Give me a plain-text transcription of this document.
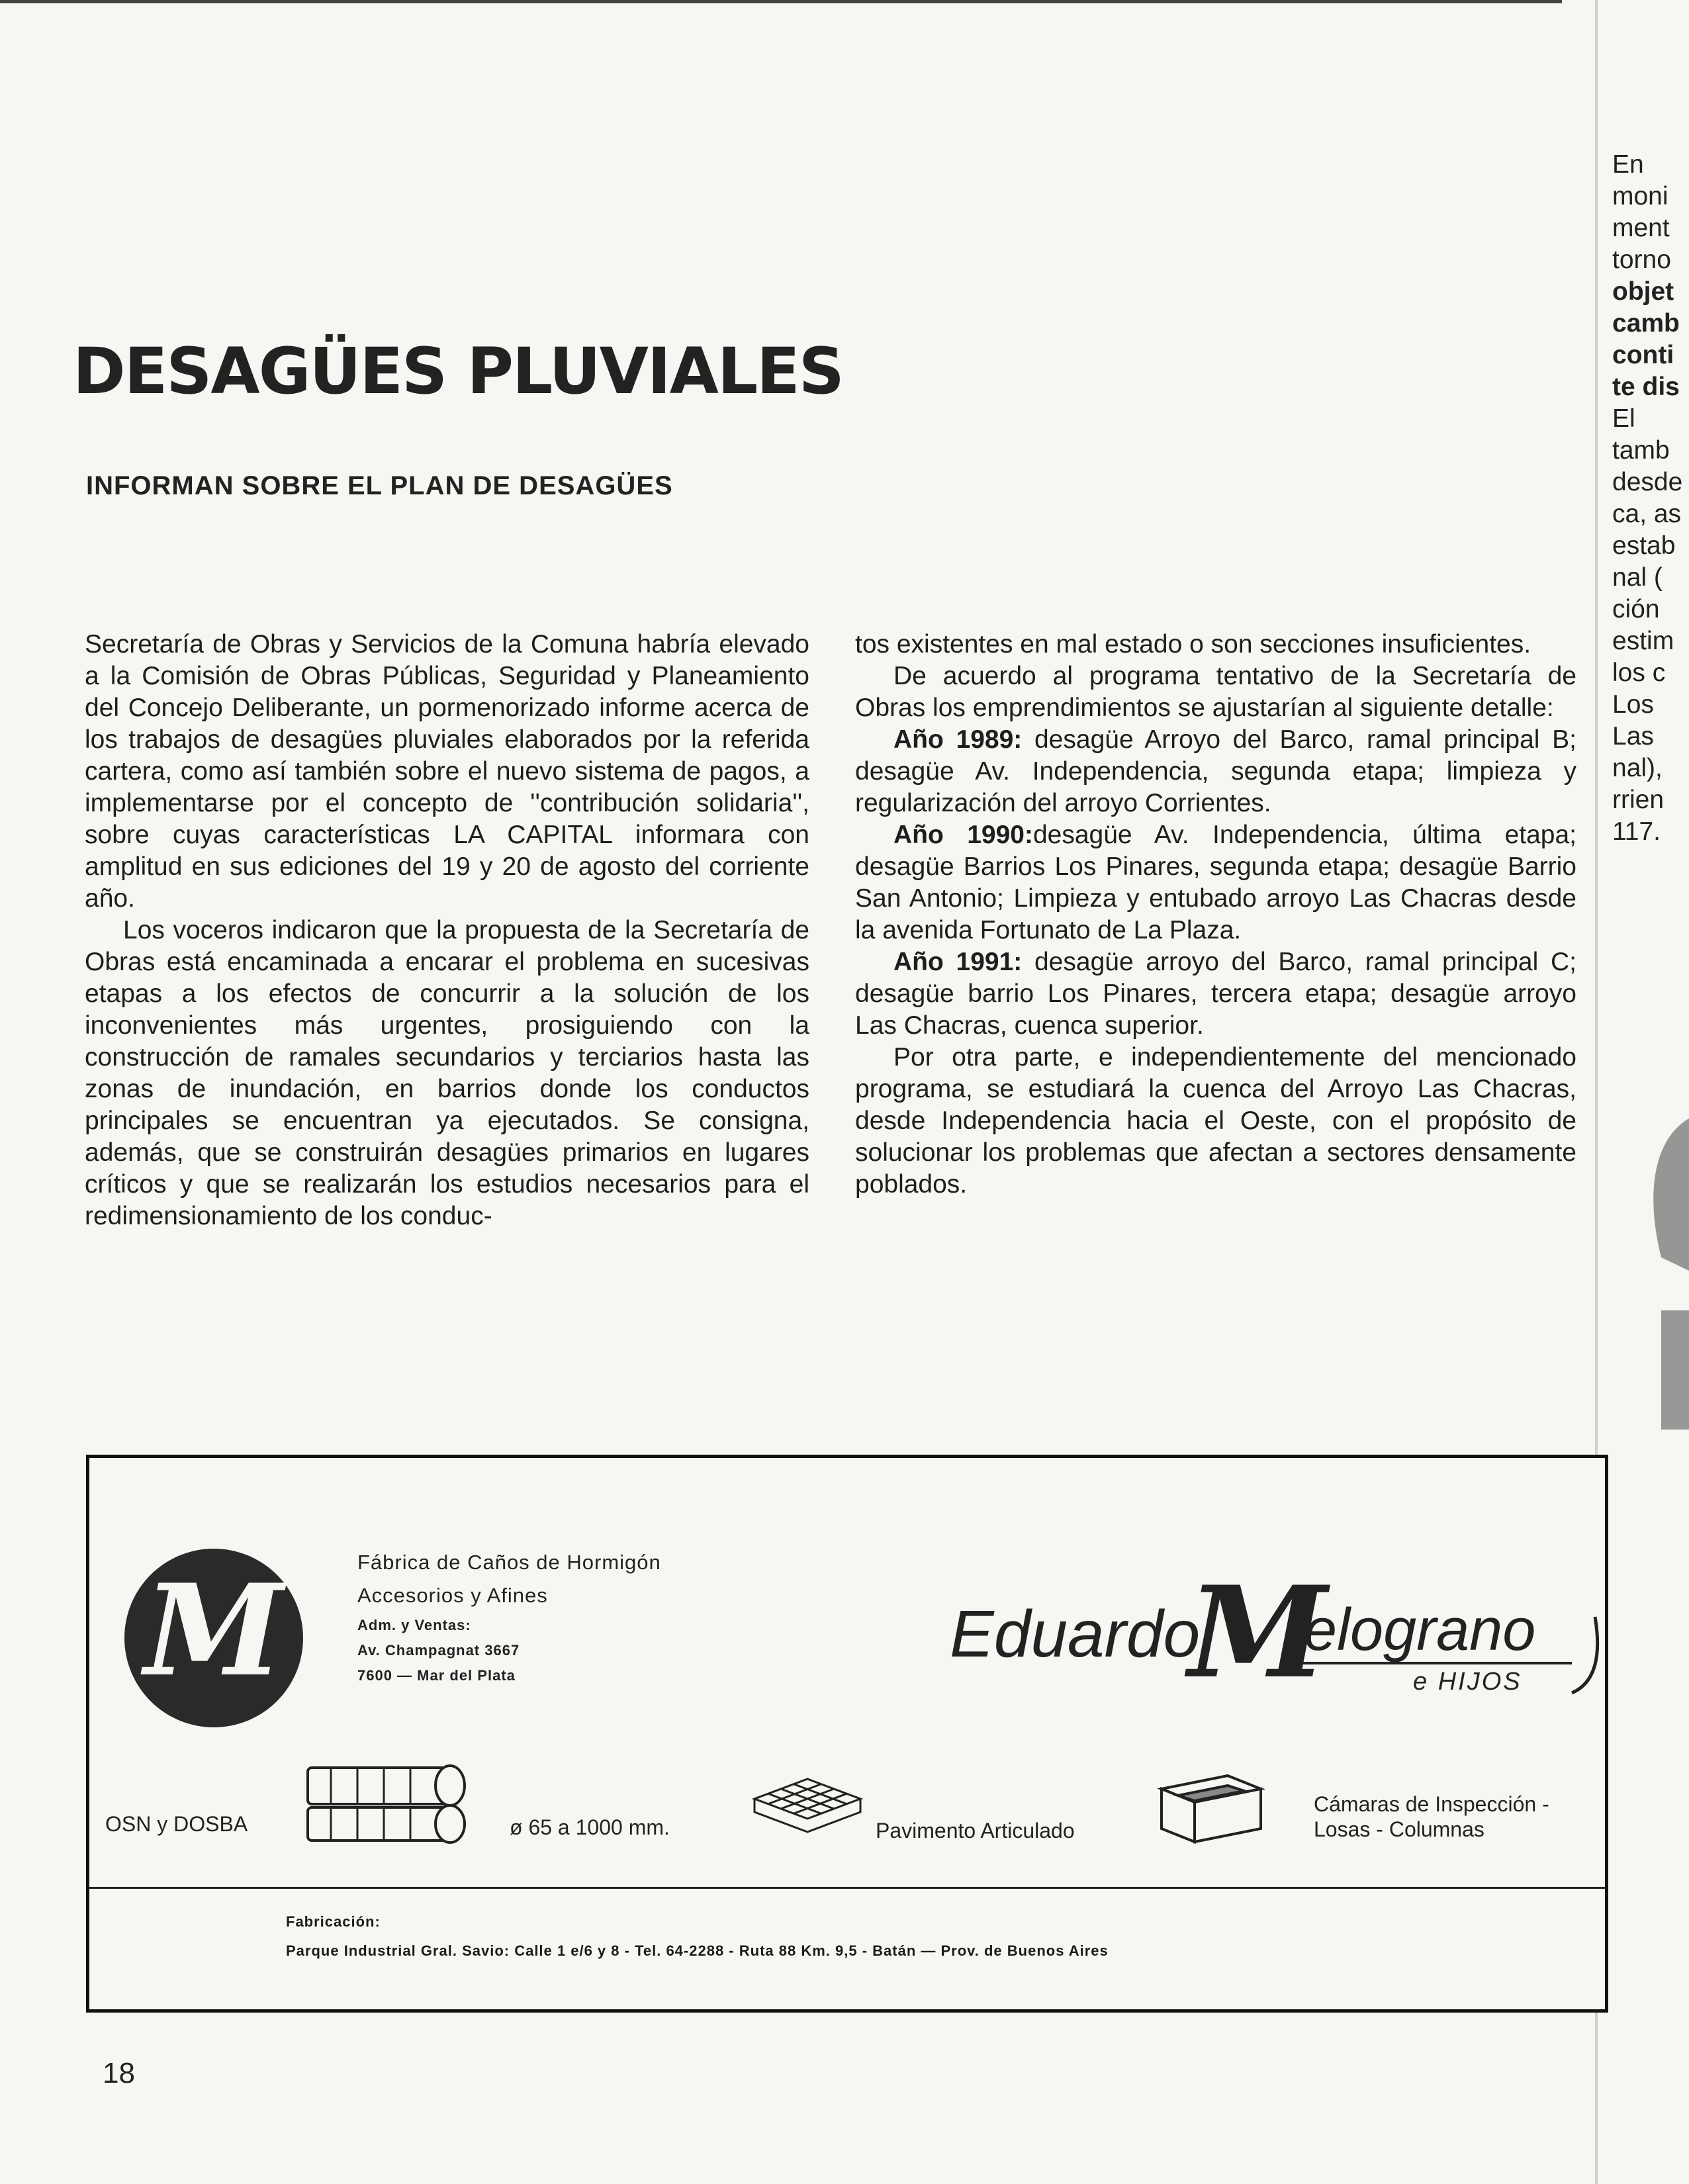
DESAGÜES PLUVIALES
INFORMAN SOBRE EL PLAN DE DESAGÜES

Secretaría de Obras y Servicios de la Comuna habría elevado a la Comisión de Obras Públicas, Seguridad y Planeamiento del Concejo Deliberante, un pormenorizado informe acerca de los trabajos de desagües pluviales elaborados por la referida cartera, como así también sobre el nuevo sistema de pagos, a implementarse por el concepto de ''contribución solidaria'', sobre cuyas características LA CAPITAL informara con amplitud en sus ediciones del 19 y 20 de agosto del corriente año.

Los voceros indicaron que la propuesta de la Secretaría de Obras está encaminada a encarar el problema en sucesivas etapas a los efectos de concurrir a la solución de los inconvenientes más urgentes, prosiguiendo con la construcción de ramales secundarios y terciarios hasta las zonas de inundación, en barrios donde los conductos principales se encuentran ya ejecutados. Se consigna, además, que se construirán desagües primarios en lugares críticos y que se realizarán los estudios necesarios para el redimensionamiento de los conduc-

tos existentes en mal estado o son secciones insuficientes.

De acuerdo al programa tentativo de la Secretaría de Obras los emprendimientos se ajustarían al siguiente detalle:

Año 1989: desagüe Arroyo del Barco, ramal principal B; desagüe Av. Independencia, segunda etapa; limpieza y regularización del arroyo Corrientes.

Año 1990:desagüe Av. Independencia, última etapa; desagüe Barrios Los Pinares, segunda etapa; desagüe Barrio San Antonio; Limpieza y entubado arroyo Las Chacras desde la avenida Fortunato de La Plaza.

Año 1991: desagüe arroyo del Barco, ramal principal C; desagüe barrio Los Pinares, tercera etapa; desagüe arroyo Las Chacras, cuenca superior.

Por otra parte, e independientemente del mencionado programa, se estudiará la cuenca del Arroyo Las Chacras, desde Independencia hacia el Oeste, con el propósito de solucionar los problemas que afectan a sectores densamente poblados.

En
moni
ment
torno
objet
camb
conti
te dis
El
tamb
desde
ca, as
estab
nal (
ción
estim
los c
Los
Las
nal),
rrien
117.
M	Fábrica de Caños de Hormigón
Accesorios y Afines
Adm. y Ventas:
Av. Champagnat 3667
7600 — Mar del Plata
Eduardo
M
elograno
e HIJOS
OSN y DOSBA	ø 65 a 1000 mm.	Pavimento Articulado
Cámaras de Inspección -
Losas - Columnas
Fabricación:
Parque Industrial Gral. Savio: Calle 1 e/6 y 8 - Tel. 64-2288 - Ruta 88 Km. 9,5 - Batán — Prov. de Buenos Aires
18
